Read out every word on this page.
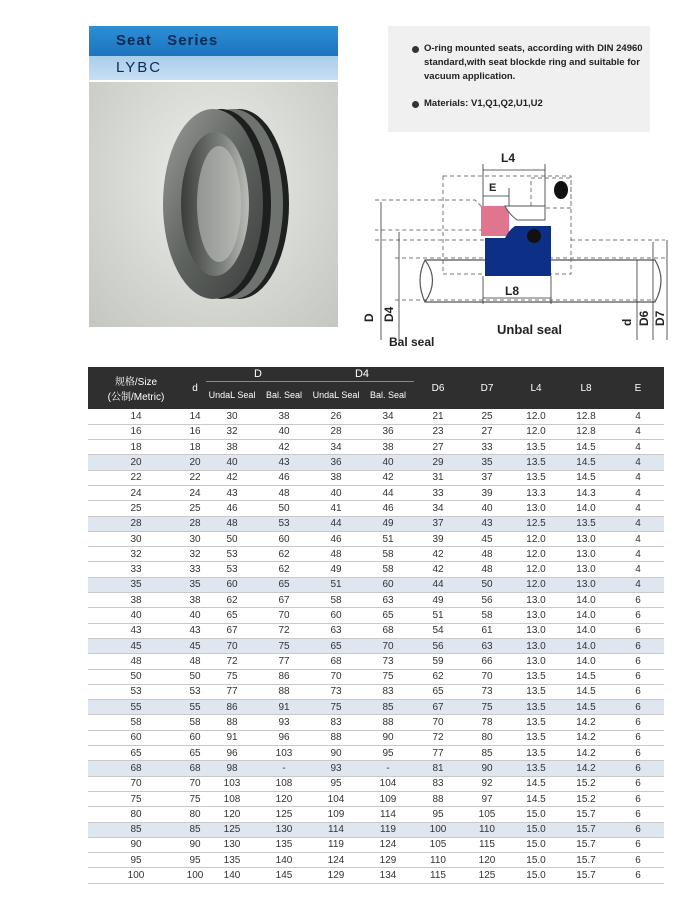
Seat   Series
LYBC
O-ring mounted seats, according with DIN 24960 standard,with seat blockde ring and suitable for vacuum application.
Materials: V1,Q1,Q2,U1,U2
L4
E
L8
D D4
d D6 D7
Bal seal
Unbal seal
规格/Size
(公制/Metric)	d	D		D4		D6	D7	L4	L8	E
		UndaL Seal	Bal. Seal	UndaL Seal	Bal. Seal					
14	14	30	38	26	34	21	25	12.0	12.8	4
16	16	32	40	28	36	23	27	12.0	12.8	4
18	18	38	42	34	38	27	33	13.5	14.5	4
20	20	40	43	36	40	29	35	13.5	14.5	4
22	22	42	46	38	42	31	37	13.5	14.5	4
24	24	43	48	40	44	33	39	13.3	14.3	4
25	25	46	50	41	46	34	40	13.0	14.0	4
28	28	48	53	44	49	37	43	12.5	13.5	4
30	30	50	60	46	51	39	45	12.0	13.0	4
32	32	53	62	48	58	42	48	12.0	13.0	4
33	33	53	62	49	58	42	48	12.0	13.0	4
35	35	60	65	51	60	44	50	12.0	13.0	4
38	38	62	67	58	63	49	56	13.0	14.0	6
40	40	65	70	60	65	51	58	13.0	14.0	6
43	43	67	72	63	68	54	61	13.0	14.0	6
45	45	70	75	65	70	56	63	13.0	14.0	6
48	48	72	77	68	73	59	66	13.0	14.0	6
50	50	75	86	70	75	62	70	13.5	14.5	6
53	53	77	88	73	83	65	73	13.5	14.5	6
55	55	86	91	75	85	67	75	13.5	14.5	6
58	58	88	93	83	88	70	78	13.5	14.2	6
60	60	91	96	88	90	72	80	13.5	14.2	6
65	65	96	103	90	95	77	85	13.5	14.2	6
68	68	98	-	93	-	81	90	13.5	14.2	6
70	70	103	108	95	104	83	92	14.5	15.2	6
75	75	108	120	104	109	88	97	14.5	15.2	6
80	80	120	125	109	114	95	105	15.0	15.7	6
85	85	125	130	114	119	100	110	15.0	15.7	6
90	90	130	135	119	124	105	115	15.0	15.7	6
95	95	135	140	124	129	110	120	15.0	15.7	6
100	100	140	145	129	134	115	125	15.0	15.7	6
